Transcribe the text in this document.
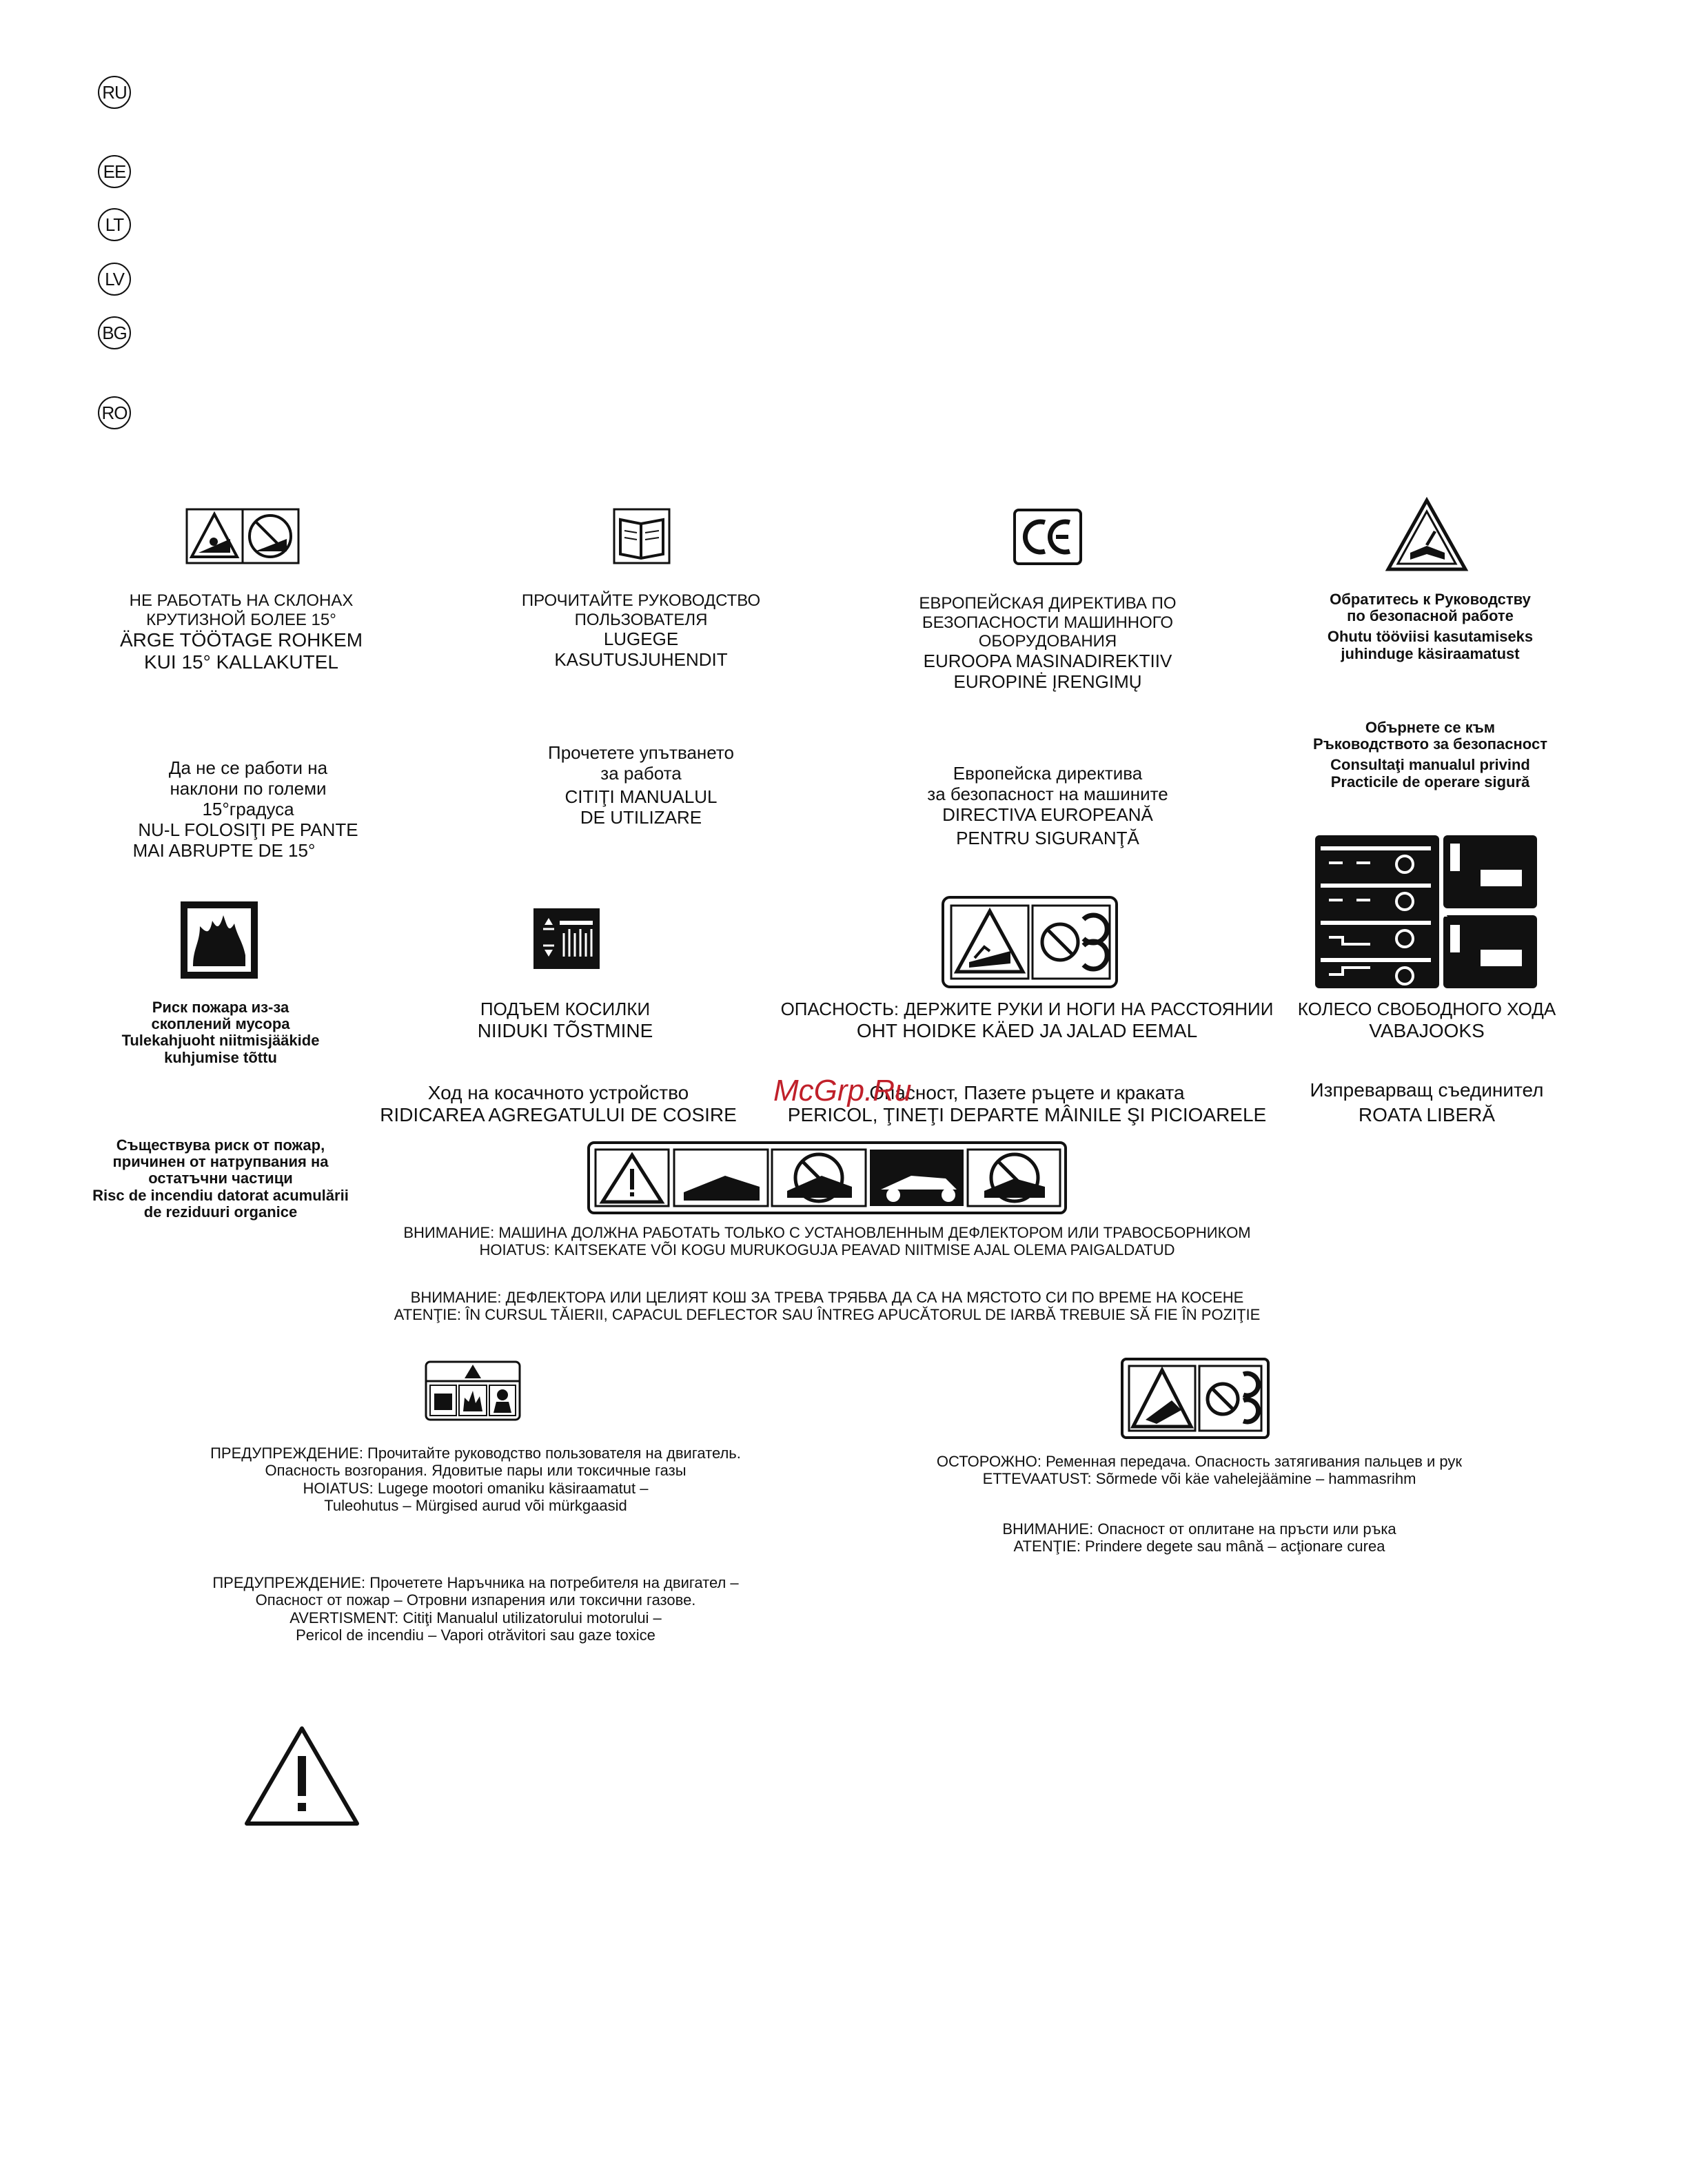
RU
EE
LT
LV
BG
RO
НЕ РАБОТАТЬ НА СКЛОНАХ
КРУТИЗНОЙ БОЛЕЕ 15°
ÄRGE TÖÖTAGE ROHKEM
KUI 15° KALLAKUTEL
ПРОЧИТАЙТЕ РУКОВОДСТВО
ПОЛЬЗОВАТЕЛЯ
LUGEGE
KASUTUSJUHENDIT
ЕВРОПЕЙСКАЯ ДИРЕКТИВА ПО
БЕЗОПАСНОСТИ МАШИННОГО
ОБОРУДОВАНИЯ
EUROOPA MASINADIREKTIIV
EUROPINĖ ĮRENGIMŲ
Обратитесь к Руководству
по безопасной работе
Ohutu tööviisi kasutamiseks
juhinduge käsiraamatust
Да не се работи на
наклони по големи
15°градуса
NU-L FOLOSIŢI PE PANTE
MAI ABRUPTE DE 15°
Прочетете упътването
за работа
CITIŢI MANUALUL
DE UTILIZARE
Европейска директива
за безопасност на машините
DIRECTIVA EUROPEANĂ
PENTRU SIGURANŢĂ
Обърнете се към
Ръководството за безопасност
Consultaţi manualul privind
Practicile de operare sigură
Риск пожара из-за
скоплений мусора
Tulekahjuoht niitmisjääkide
kuhjumise tõttu
ПОДЪЕМ КОСИЛКИ
NIIDUKI TÕSTMINE
ОПАСНОСТЬ: ДЕРЖИТЕ РУКИ И НОГИ НА РАССТОЯНИИ
OHT HOIDKE KÄED JA JALAD EEMAL
КОЛЕСО СВОБОДНОГО ХОДА
VABAJOOKS
Съществува риск от пожар,
причинен от натрупвания на
остатъчни частици
Risc de incendiu datorat acumulării
de reziduuri organice
Ход на косачното устройство
RIDICAREA AGREGATULUI DE COSIRE
Опасност, Пазете ръцете и краката
PERICOL, ŢINEŢI DEPARTE MÂINILE ŞI PICIOARELE
Изпреварващ съединител
ROATA LIBERĂ
McGrp.Ru
ВНИМАНИЕ: МАШИНА ДОЛЖНА РАБОТАТЬ ТОЛЬКО С УСТАНОВЛЕННЫМ ДЕФЛЕКТОРОМ ИЛИ ТРАВОСБОРНИКОМ
HOIATUS: KAITSEKATE VÕI KOGU MURUKOGUJA PEAVAD NIITMISE AJAL OLEMA PAIGALDATUD
ВНИМАНИЕ: ДЕФЛЕКТОРА ИЛИ ЦЕЛИЯТ КОШ ЗА ТРЕВА ТРЯБВА ДА СА НА МЯСТОТО СИ ПО ВРЕМЕ НА КОСЕНЕ
ATENŢIE: ÎN CURSUL TĂIERII, CAPACUL DEFLECTOR SAU ÎNTREG APUCĂTORUL DE IARBĂ TREBUIE SĂ FIE ÎN POZIŢIE
ПРЕДУПРЕЖДЕНИЕ: Прочитайте руководство пользователя на двигатель.
Опасность возгорания. Ядовитые пары или токсичные газы
HOIATUS: Lugege mootori omaniku käsiraamatut –
Tuleohutus – Mürgised aurud või mürkgaasid
ПРЕДУПРЕЖДЕНИЕ: Прочетете Наръчника на потребителя на двигател –
Опасност от пожар – Отровни изпарения или токсични газове.
AVERTISMENT: Citiţi Manualul utilizatorului motorului –
Pericol de incendiu – Vapori otrăvitori sau gaze toxice
ОСТОРОЖНО: Ременная передача. Опасность затягивания пальцев и рук
ETTEVAATUST: Sõrmede või käe vahelejäämine – hammasrihm
ВНИМАНИЕ: Опасност от оплитане на пръсти или ръка
ATENŢIE: Prindere degete sau mână – acţionare curea
